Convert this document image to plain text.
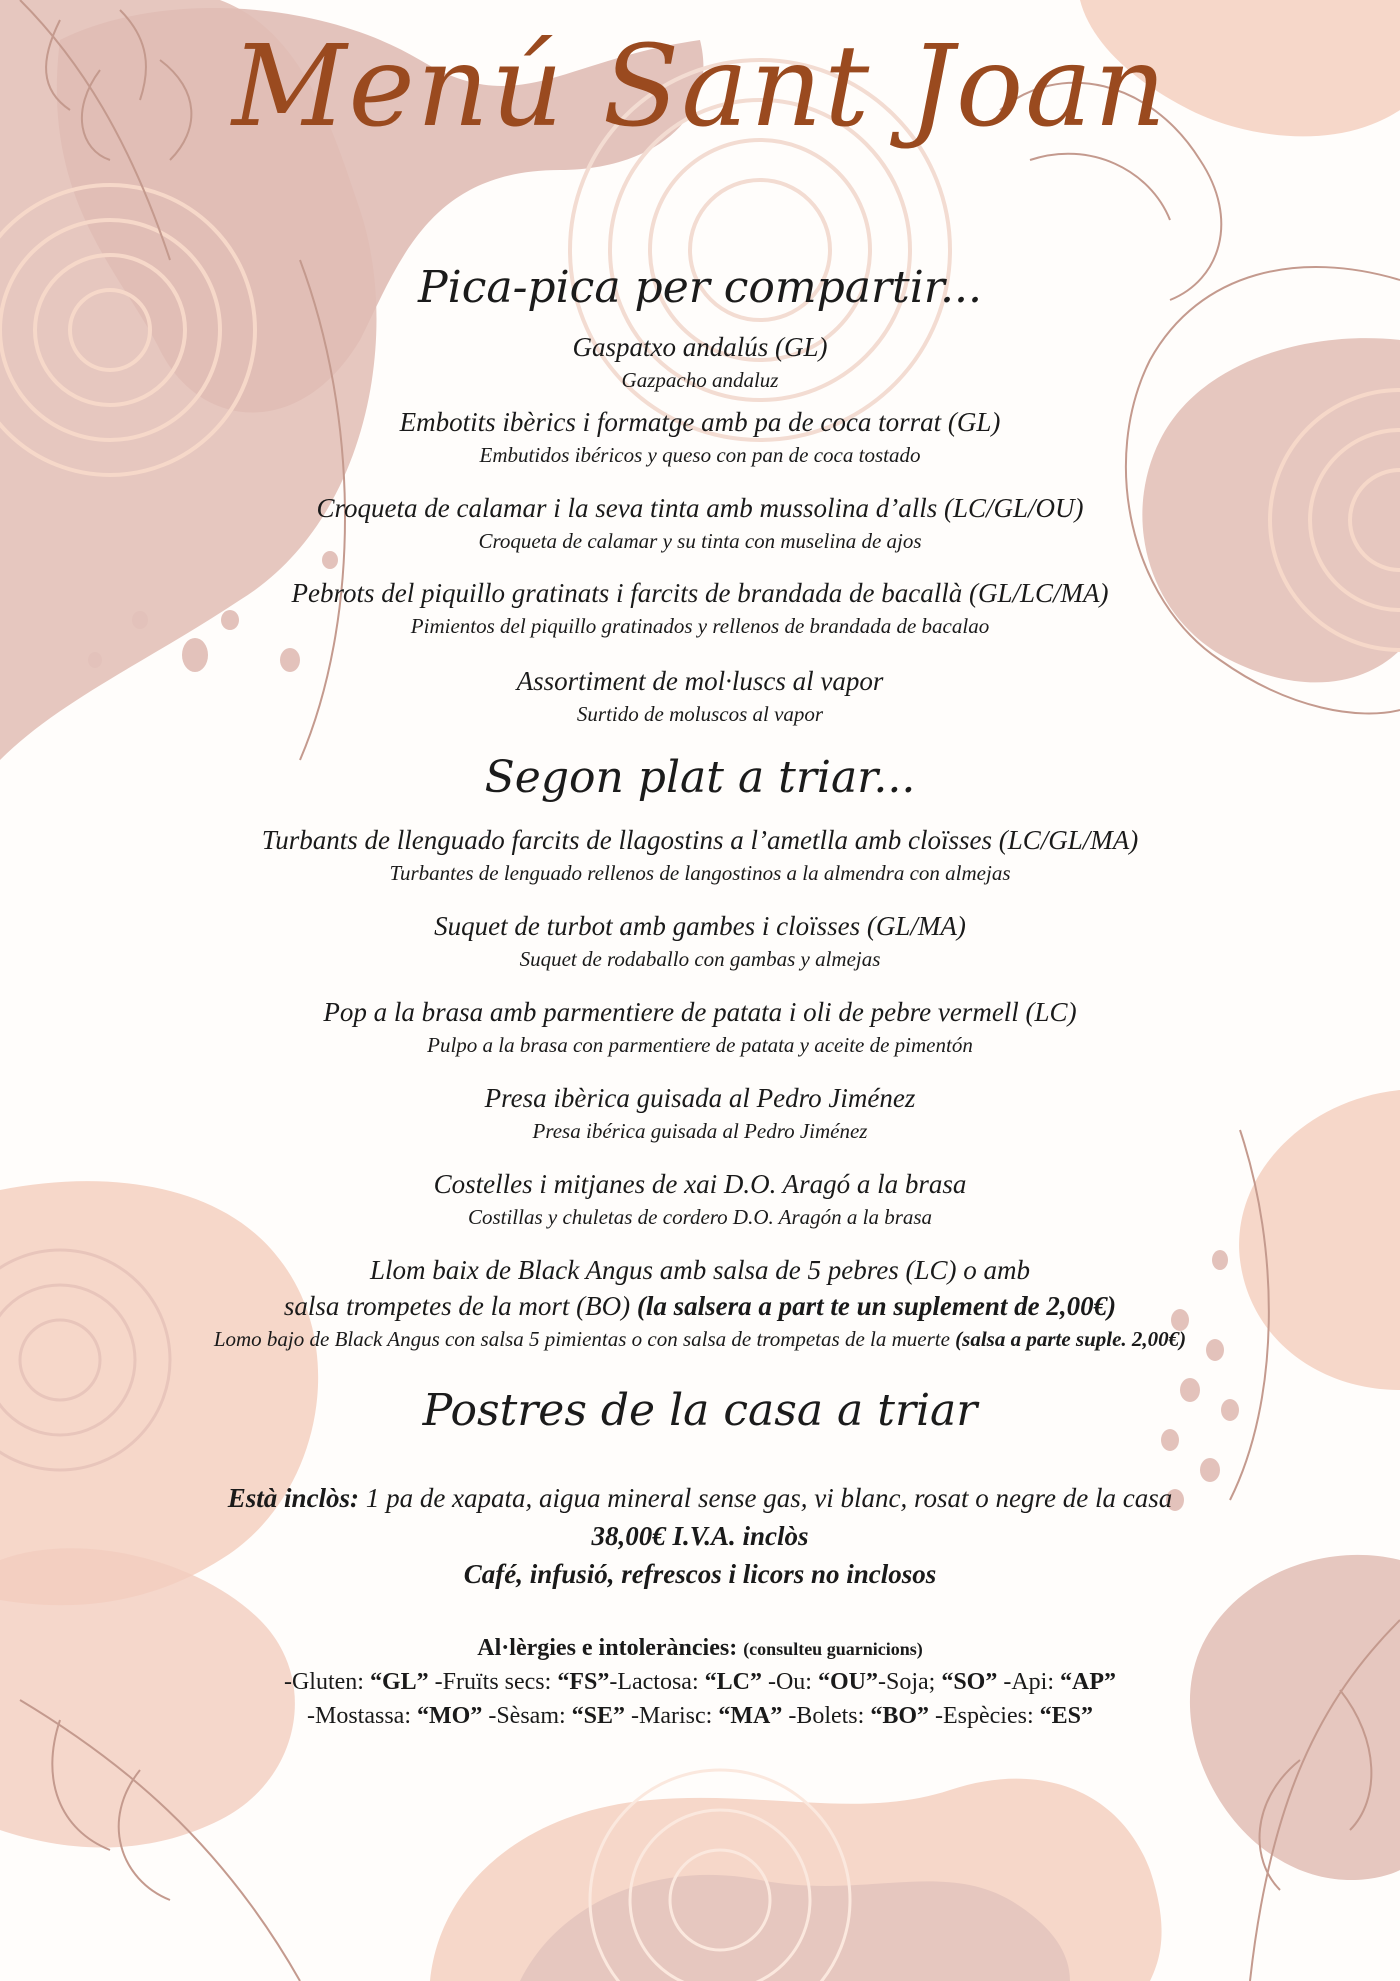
Menú Sant Joan
Pica-pica per compartir...
Gaspatxo andalús (GL)
Gazpacho andaluz
Embotits ibèrics i formatge amb pa de coca torrat (GL)
Embutidos ibéricos y queso con pan de coca tostado
Croqueta de calamar i la seva tinta amb mussolina d’alls (LC/GL/OU)
Croqueta de calamar y su tinta con muselina de ajos
Pebrots del piquillo gratinats i farcits de brandada de bacallà (GL/LC/MA)
Pimientos del piquillo gratinados y rellenos de brandada de bacalao
Assortiment de mol·luscs al vapor
Surtido de moluscos al vapor
Segon plat a triar...
Turbants de llenguado farcits de llagostins a l’ametlla amb cloïsses (LC/GL/MA)
Turbantes de lenguado rellenos de langostinos a la almendra con almejas
Suquet de turbot amb gambes i cloïsses (GL/MA)
Suquet de rodaballo con gambas y almejas
Pop a la brasa amb parmentiere de patata i oli de pebre vermell (LC)
Pulpo a la brasa con parmentiere de patata y aceite de pimentón
Presa ibèrica guisada al Pedro Jiménez
Presa ibérica guisada al Pedro Jiménez
Costelles i mitjanes de xai D.O. Aragó a la brasa
Costillas y chuletas de cordero D.O. Aragón a la brasa
Llom baix de Black Angus amb salsa de 5 pebres (LC) o amb
salsa trompetes de la mort (BO) (la salsera a part te un suplement de 2,00€)
Lomo bajo de Black Angus con salsa 5 pimientas o con salsa de trompetas de la muerte (salsa a parte suple. 2,00€)
Postres de la casa a triar
Està inclòs: 1 pa de xapata, aigua mineral sense gas, vi blanc, rosat o negre de la casa
38,00€ I.V.A. inclòs
Café, infusió, refrescos i licors no inclosos
Al·lèrgies e intoleràncies: (consulteu guarnicions)
-Gluten: “GL” -Fruïts secs: “FS”-Lactosa: “LC” -Ou: “OU”-Soja; “SO” -Api: “AP”
-Mostassa: “MO” -Sèsam: “SE” -Marisc: “MA” -Bolets: “BO” -Espècies: “ES”
